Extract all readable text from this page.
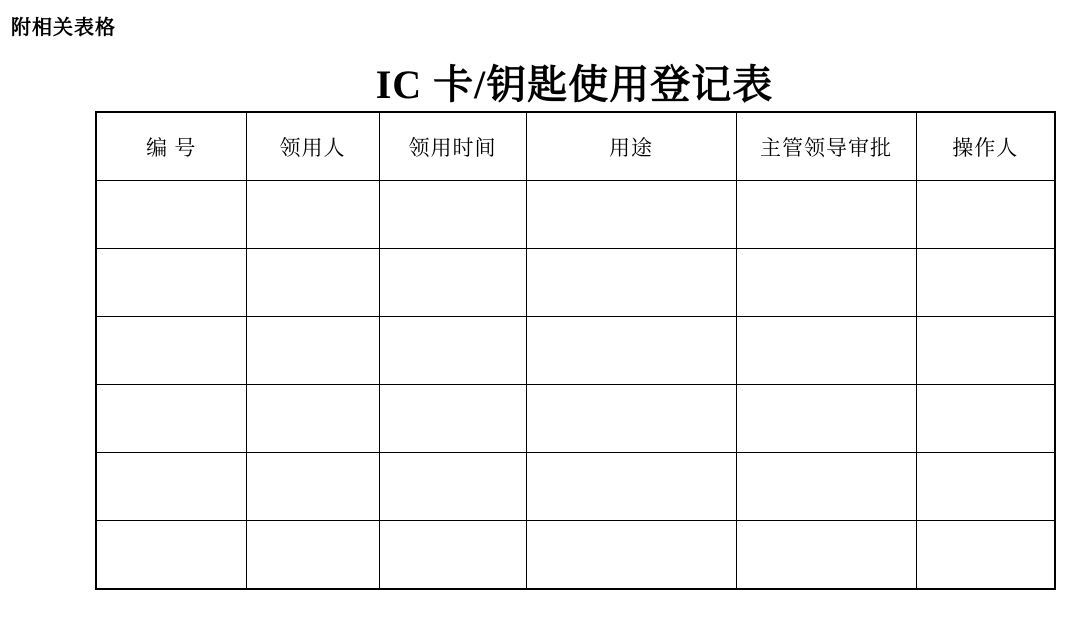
附相关表格
IC 卡/钥匙使用登记表
编 号	领用人	领用时间	用途	主管领导审批	操作人
